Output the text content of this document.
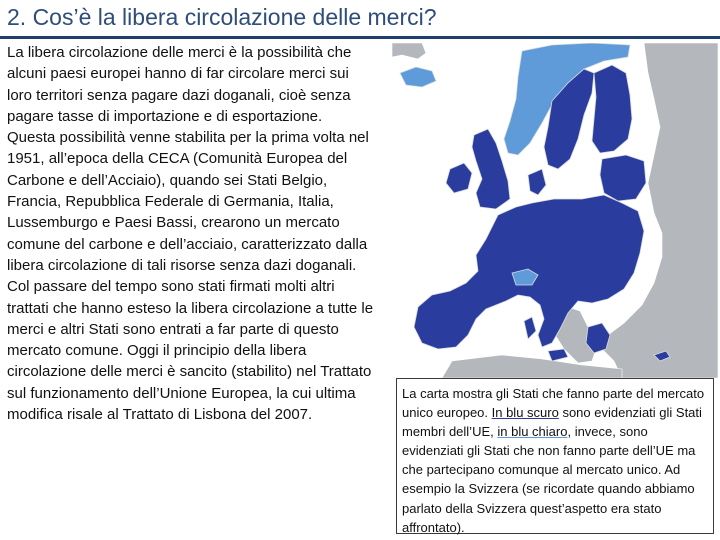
2. Cos’è la libera circolazione delle merci?

La libera circolazione delle merci è la possibilità che alcuni paesi europei hanno di far circolare merci sui loro territori senza pagare dazi doganali, cioè senza pagare tasse di importazione e di esportazione.

Questa possibilità venne stabilita per la prima volta nel 1951, all’epoca della CECA (Comunità Europea del Carbone e dell’Acciaio), quando sei Stati Belgio, Francia, Repubblica Federale di Germania, Italia, Lussemburgo e Paesi Bassi, crearono un mercato comune del carbone e dell’acciaio, caratterizzato dalla libera circolazione di tali risorse senza dazi doganali.

Col passare del tempo sono stati firmati molti altri trattati che hanno esteso la libera circolazione a tutte le merci e altri Stati sono entrati a far parte di questo mercato comune. Oggi il principio della libera circolazione delle merci è sancito (stabilito) nel Trattato sul funzionamento dell’Unione Europea, la cui ultima modifica risale al Trattato di Lisbona del 2007.

La carta mostra gli Stati che fanno parte del mercato unico europeo. In blu scuro sono evidenziati gli Stati membri dell’UE, in blu chiaro, invece, sono evidenziati gli Stati che non fanno parte dell’UE ma che partecipano comunque al mercato unico. Ad esempio la Svizzera (se ricordate quando abbiamo parlato della Svizzera quest’aspetto era stato affrontato).
